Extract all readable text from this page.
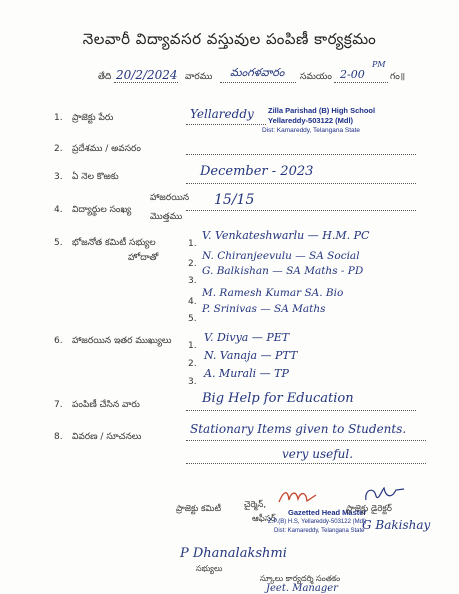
నెలవారీ విద్యావసర వస్తువుల పంపిణీ కార్యక్రమం
తేది 20/2/2024 వారము మంగళవారం సమయం 2-00
PM
గం॥
1. ప్రాజెక్టు పేరు	Yellareddy Zilla Parishad (B) High School
Yellareddy-503122 (Mdl)
Dist: Kamareddy, Telangana State
2. ప్రదేశము / అవసరం
3. ఏ నెల కొఱకు	December - 2023
4. విద్యార్థుల సంఖ్య
హాజరయిన
మొత్తము
15/15
5. భోజనోత కమిటీ సభ్యుల
హోదాతో
1.
V. Venkateshwarlu — H.M. PC
2.
N. Chiranjeevulu — SA Social
3.
G. Balkishan — SA Maths - PD
4.
M. Ramesh Kumar SA. Bio
5.
P. Srinivas — SA Maths
6. హాజరయిన ఇతర ముఖ్యులు 1.
V. Divya — PET
2.
N. Vanaja — PTT
3.
A. Murali — TP
7. పంపిణీ చేసిన వారు	Big Help for Education
8. వివరణ / సూచనలు
Stationary Items given to Students.
very useful.
ప్రాజెక్టు కమిటీ	చైర్మెన్,
ఆఫీసర్
Gazetted Head Master
Z.P.(B) H.S, Yellareddy-503122 (Mdl)
Dist: Kamareddy, Telangana State
ప్రాజెక్టు డైరెక్టర్
G Bakishay
P Dhanalakshmi
సభ్యులు
స్కూలు కార్యదర్శి సంతకం
Jeet. Manager
